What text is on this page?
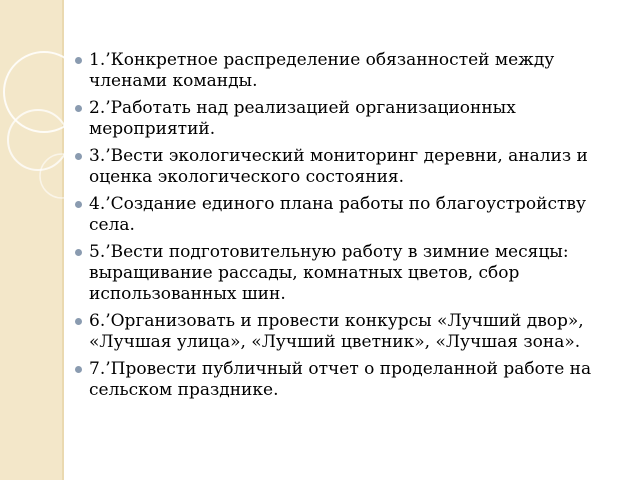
1.’Конкретное распределение обязанностей между членами команды.
2.’Работать над реализацией организационных мероприятий.
3.’Вести экологический мониторинг деревни, анализ и оценка экологического состояния.
4.’Создание единого плана работы по благоустройству села.
5.’Вести подготовительную работу в зимние месяцы: выращивание рассады, комнатных цветов, сбор использованных шин.
6.’Организовать и провести конкурсы «Лучший двор», «Лучшая улица», «Лучший цветник», «Лучшая зона».
7.’Провести публичный отчет о проделанной работе на сельском празднике.
